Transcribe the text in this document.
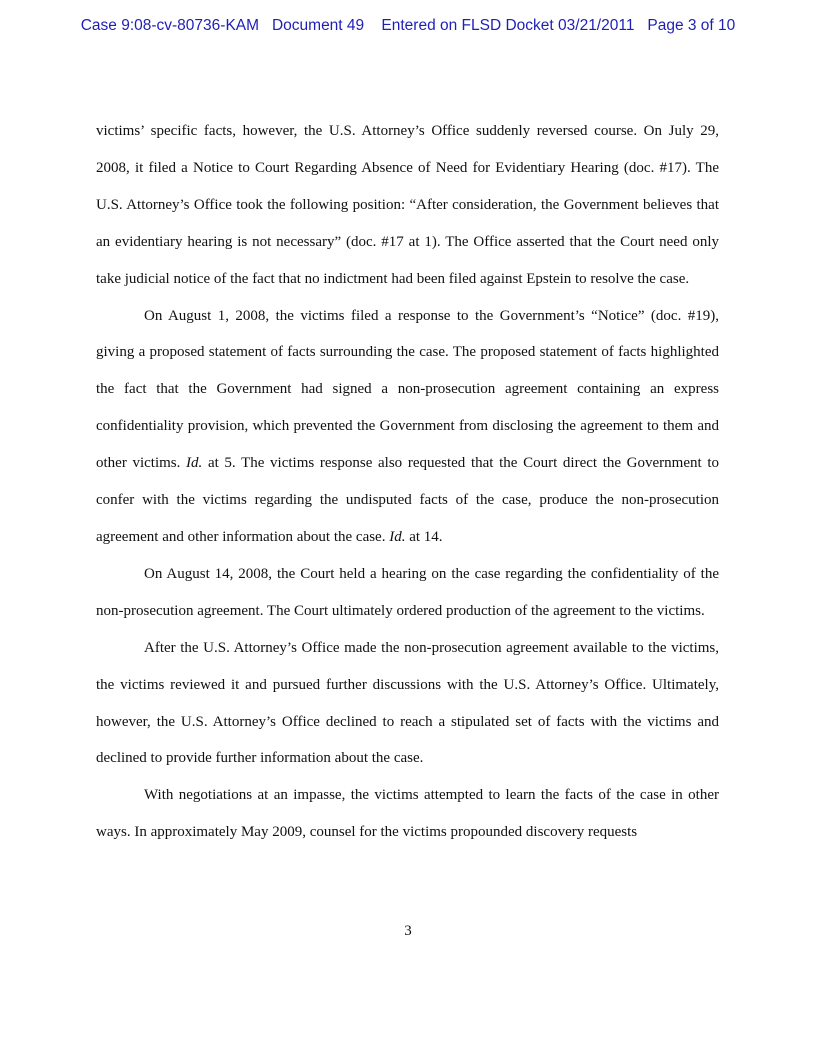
Case 9:08-cv-80736-KAM Document 49 Entered on FLSD Docket 03/21/2011 Page 3 of 10

victims’ specific facts, however, the U.S. Attorney’s Office suddenly reversed course. On July 29, 2008, it filed a Notice to Court Regarding Absence of Need for Evidentiary Hearing (doc. #17). The U.S. Attorney’s Office took the following position: “After consideration, the Government believes that an evidentiary hearing is not necessary” (doc. #17 at 1). The Office asserted that the Court need only take judicial notice of the fact that no indictment had been filed against Epstein to resolve the case.

On August 1, 2008, the victims filed a response to the Government’s “Notice” (doc. #19), giving a proposed statement of facts surrounding the case. The proposed statement of facts highlighted the fact that the Government had signed a non-prosecution agreement containing an express confidentiality provision, which prevented the Government from disclosing the agreement to them and other victims. Id. at 5. The victims response also requested that the Court direct the Government to confer with the victims regarding the undisputed facts of the case, produce the non-prosecution agreement and other information about the case. Id. at 14.

On August 14, 2008, the Court held a hearing on the case regarding the confidentiality of the non-prosecution agreement. The Court ultimately ordered production of the agreement to the victims.

After the U.S. Attorney’s Office made the non-prosecution agreement available to the victims, the victims reviewed it and pursued further discussions with the U.S. Attorney’s Office. Ultimately, however, the U.S. Attorney’s Office declined to reach a stipulated set of facts with the victims and declined to provide further information about the case.

With negotiations at an impasse, the victims attempted to learn the facts of the case in other ways. In approximately May 2009, counsel for the victims propounded discovery requests

3
